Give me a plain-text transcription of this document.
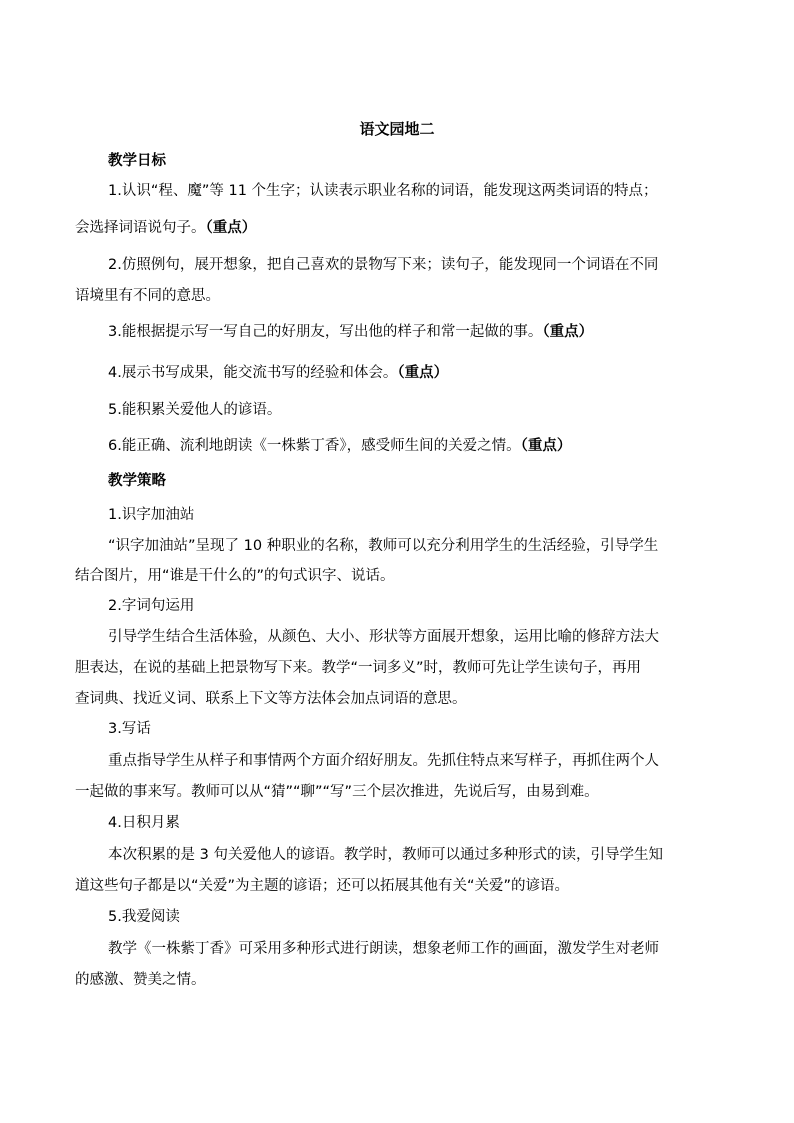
语文园地二
教学日标
1.认识“程、魔”等 11 个生字；认读表示职业名称的词语，能发现这两类词语的特点；
会选择词语说句子。（重点）
2.仿照例句，展开想象，把自己喜欢的景物写下来；读句子，能发现同一个词语在不同
语境里有不同的意思。
3.能根据提示写一写自己的好朋友，写出他的样子和常一起做的事。（重点）
4.展示书写成果，能交流书写的经验和体会。（重点）
5.能积累关爱他人的谚语。
6.能正确、流利地朗读《一株紫丁香》，感受师生间的关爱之情。（重点）
教学策略
1.识字加油站
“识字加油站”呈现了 10 种职业的名称，教师可以充分利用学生的生活经验，引导学生
结合图片，用“谁是干什么的”的句式识字、说话。
2.字词句运用
引导学生结合生活体验，从颜色、大小、形状等方面展开想象，运用比喻的修辞方法大
胆表达，在说的基础上把景物写下来。教学“一词多义”时，教师可先让学生读句子，再用
查词典、找近义词、联系上下文等方法体会加点词语的意思。
3.写话
重点指导学生从样子和事情两个方面介绍好朋友。先抓住特点来写样子，再抓住两个人
一起做的事来写。教师可以从“猜”“聊”“写”三个层次推进，先说后写，由易到难。
4.日积月累
本次积累的是 3 句关爱他人的谚语。教学时，教师可以通过多种形式的读，引导学生知
道这些句子都是以“关爱”为主题的谚语；还可以拓展其他有关“关爱”的谚语。
5.我爱阅读
教学《一株紫丁香》可采用多种形式进行朗读，想象老师工作的画面，激发学生对老师
的感激、赞美之情。
